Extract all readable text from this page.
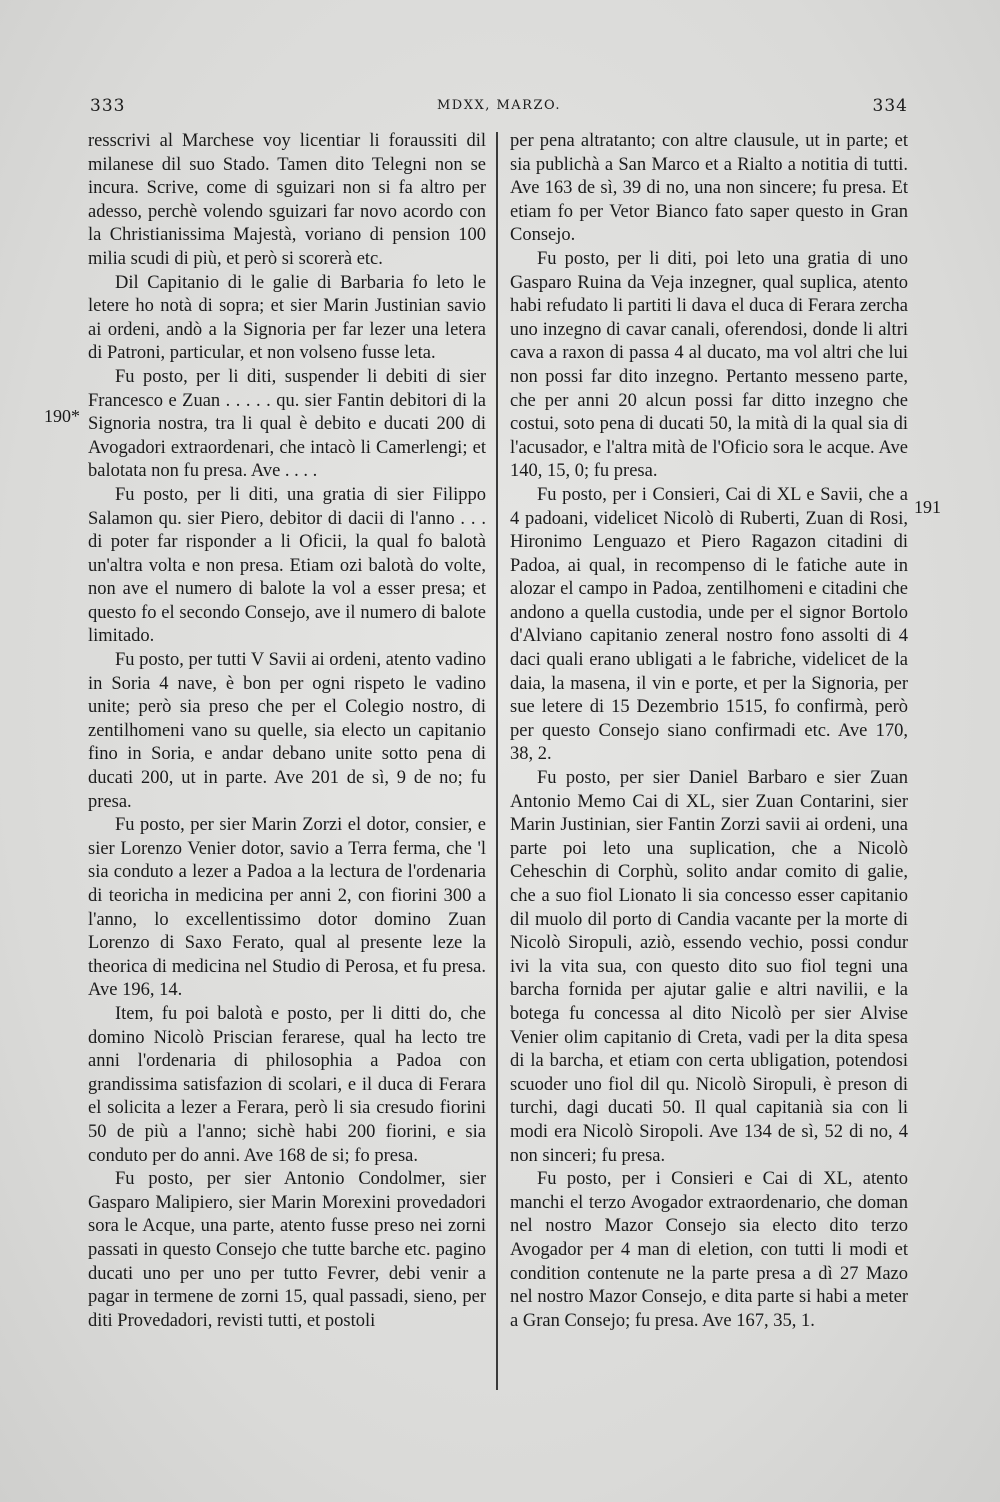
333	MDXX, MARZO.	334
190*
191

resscrivi al Marchese voy licentiar li foraussiti dil milanese dil suo Stado. Tamen dito Telegni non se incura. Scrive, come di sguizari non si fa altro per adesso, perchè volendo sguizari far novo acordo con la Christianissima Majestà, voriano di pension 100 milia scudi di più, et però si scorerà etc.

Dil Capitanio di le galie di Barbaria fo leto le letere ho notà di sopra; et sier Marin Justinian savio ai ordeni, andò a la Signoria per far lezer una letera di Patroni, particular, et non volseno fusse leta.

Fu posto, per li diti, suspender li debiti di sier Francesco e Zuan . . . . . qu. sier Fantin debitori di la Signoria nostra, tra li qual è debito e ducati 200 di Avogadori extraordenari, che intacò li Camerlengi; et balotata non fu presa. Ave . . . .

Fu posto, per li diti, una gratia di sier Filippo Salamon qu. sier Piero, debitor di dacii di l'anno . . . di poter far risponder a li Oficii, la qual fo balotà un'altra volta e non presa. Etiam ozi balotà do volte, non ave el numero di balote la vol a esser presa; et questo fo el secondo Consejo, ave il numero di balote limitado.

Fu posto, per tutti V Savii ai ordeni, atento vadino in Soria 4 nave, è bon per ogni rispeto le vadino unite; però sia preso che per el Colegio nostro, di zentilhomeni vano su quelle, sia electo un capitanio fino in Soria, e andar debano unite sotto pena di ducati 200, ut in parte. Ave 201 de sì, 9 de no; fu presa.

Fu posto, per sier Marin Zorzi el dotor, consier, e sier Lorenzo Venier dotor, savio a Terra ferma, che 'l sia conduto a lezer a Padoa a la lectura de l'ordenaria di teoricha in medicina per anni 2, con fiorini 300 a l'anno, lo excellentissimo dotor domino Zuan Lorenzo di Saxo Ferato, qual al presente leze la theorica di medicina nel Studio di Perosa, et fu presa. Ave 196, 14.

Item, fu poi balotà e posto, per li ditti do, che domino Nicolò Priscian ferarese, qual ha lecto tre anni l'ordenaria di philosophia a Padoa con grandissima satisfazion di scolari, e il duca di Ferara el solicita a lezer a Ferara, però li sia cresudo fiorini 50 de più a l'anno; sichè habi 200 fiorini, e sia conduto per do anni. Ave 168 de si; fo presa.

Fu posto, per sier Antonio Condolmer, sier Gasparo Malipiero, sier Marin Morexini provedadori sora le Acque, una parte, atento fusse preso nei zorni passati in questo Consejo che tutte barche etc. pagino ducati uno per uno per tutto Fevrer, debi venir a pagar in termene de zorni 15, qual passadi, sieno, per diti Provedadori, revisti tutti, et postoli

per pena altratanto; con altre clausule, ut in parte; et sia publichà a San Marco et a Rialto a notitia di tutti. Ave 163 de sì, 39 di no, una non sincere; fu presa. Et etiam fo per Vetor Bianco fato saper questo in Gran Consejo.

Fu posto, per li diti, poi leto una gratia di uno Gasparo Ruina da Veja inzegner, qual suplica, atento habi refudato li partiti li dava el duca di Ferara zercha uno inzegno di cavar canali, oferendosi, donde li altri cava a raxon di passa 4 al ducato, ma vol altri che lui non possi far dito inzegno. Pertanto messeno parte, che per anni 20 alcun possi far ditto inzegno che costui, soto pena di ducati 50, la mità di la qual sia di l'acusador, e l'altra mità de l'Oficio sora le acque. Ave 140, 15, 0; fu presa.

Fu posto, per i Consieri, Cai di XL e Savii, che a 4 padoani, videlicet Nicolò di Ruberti, Zuan di Rosi, Hironimo Lenguazo et Piero Ragazon citadini di Padoa, ai qual, in recompenso di le fatiche aute in alozar el campo in Padoa, zentilhomeni e citadini che andono a quella custodia, unde per el signor Bortolo d'Alviano capitanio zeneral nostro fono assolti di 4 daci quali erano ubligati a le fabriche, videlicet de la daia, la masena, il vin e porte, et per la Signoria, per sue letere di 15 Dezembrio 1515, fo confirmà, però per questo Consejo siano confirmadi etc. Ave 170, 38, 2.

Fu posto, per sier Daniel Barbaro e sier Zuan Antonio Memo Cai di XL, sier Zuan Contarini, sier Marin Justinian, sier Fantin Zorzi savii ai ordeni, una parte poi leto una suplication, che a Nicolò Ceheschin di Corphù, solito andar comito di galie, che a suo fiol Lionato li sia concesso esser capitanio dil muolo dil porto di Candia vacante per la morte di Nicolò Siropuli, aziò, essendo vechio, possi condur ivi la vita sua, con questo dito suo fiol tegni una barcha fornida per ajutar galie e altri navilii, e la botega fu concessa al dito Nicolò per sier Alvise Venier olim capitanio di Creta, vadi per la dita spesa di la barcha, et etiam con certa ubligation, potendosi scuoder uno fiol dil qu. Nicolò Siropuli, è preson di turchi, dagi ducati 50. Il qual capitanià sia con li modi era Nicolò Siropoli. Ave 134 de sì, 52 di no, 4 non sinceri; fu presa.

Fu posto, per i Consieri e Cai di XL, atento manchi el terzo Avogador extraordenario, che doman nel nostro Mazor Consejo sia electo dito terzo Avogador per 4 man di eletion, con tutti li modi et condition contenute ne la parte presa a dì 27 Mazo nel nostro Mazor Consejo, e dita parte si habi a meter a Gran Consejo; fu presa. Ave 167, 35, 1.
